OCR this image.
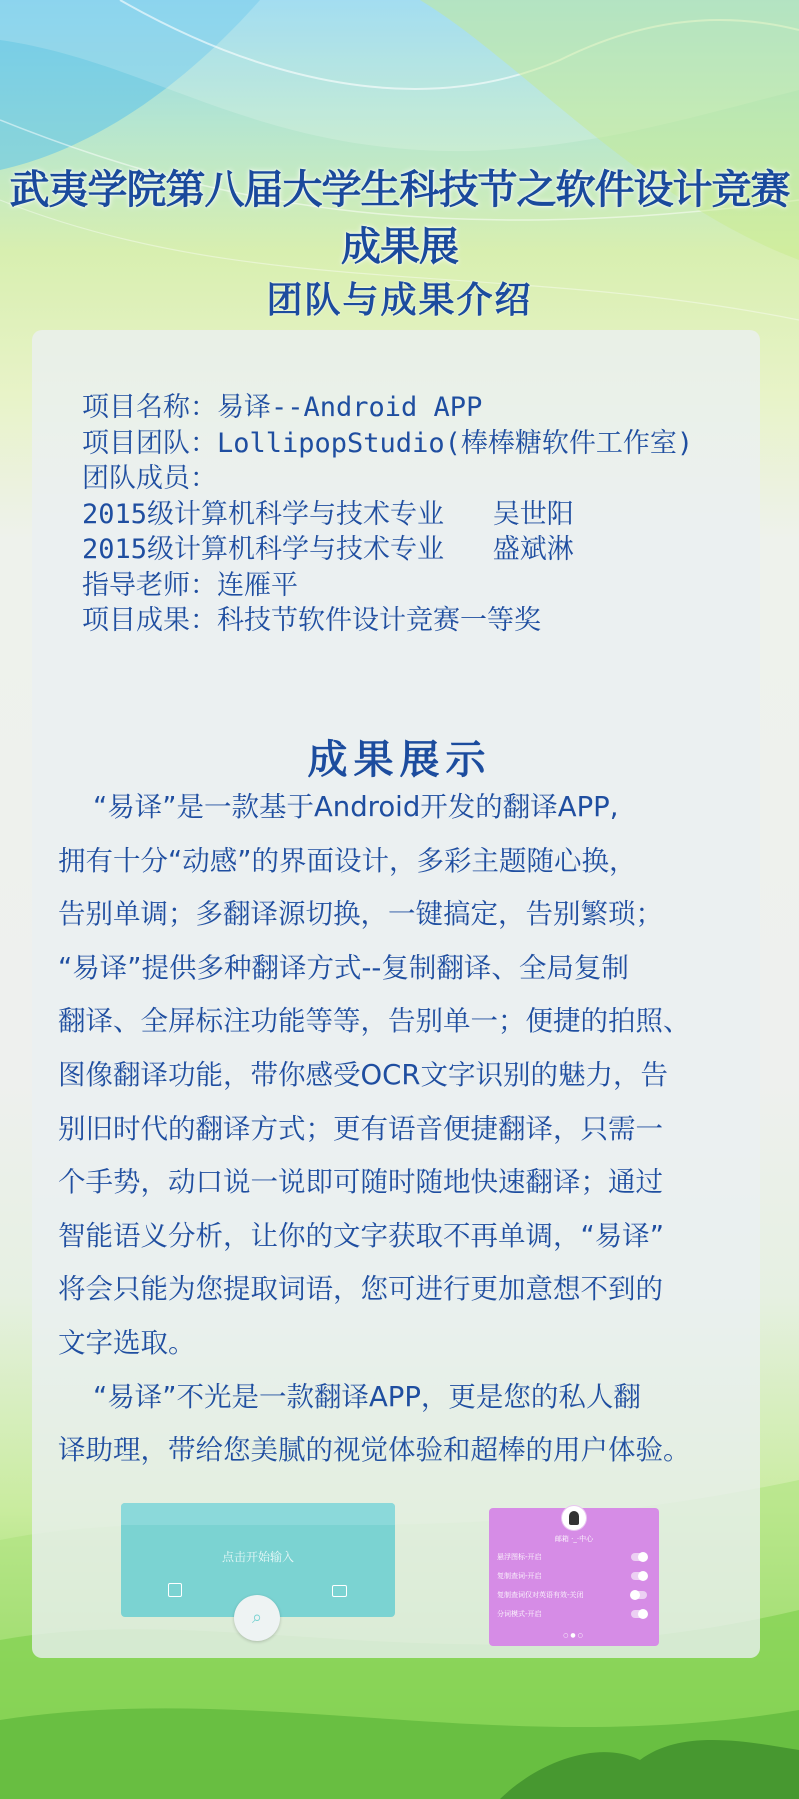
武夷学院第八届大学生科技节之软件设计竞赛成果展
团队与成果介绍
项目名称：易译--Android APP
项目团队：LollipopStudio(棒棒糖软件工作室)
团队成员：
2015级计算机科学与技术专业   吴世阳
2015级计算机科学与技术专业   盛斌淋
指导老师：连雁平
项目成果：科技节软件设计竞赛一等奖
成果展示
“易译”是一款基于Android开发的翻译APP,
拥有十分“动感”的界面设计，多彩主题随心换，
告别单调；多翻译源切换，一键搞定，告别繁琐；
“易译”提供多种翻译方式--复制翻译、全局复制
翻译、全屏标注功能等等，告别单一；便捷的拍照、
图像翻译功能，带你感受OCR文字识别的魅力，告
别旧时代的翻译方式；更有语音便捷翻译，只需一
个手势，动口说一说即可随时随地快速翻译；通过
智能语义分析，让你的文字获取不再单调，“易译”
将会只能为您提取词语，您可进行更加意想不到的
文字选取。
“易译”不光是一款翻译APP，更是您的私人翻
译助理，带给您美腻的视觉体验和超棒的用户体验。
点击开始输入
⌕
邮箱 ·_·中心
悬浮图标-开启
复制查词-开启
复制查词仅对英语有效-关闭
分词模式-开启
○●○
